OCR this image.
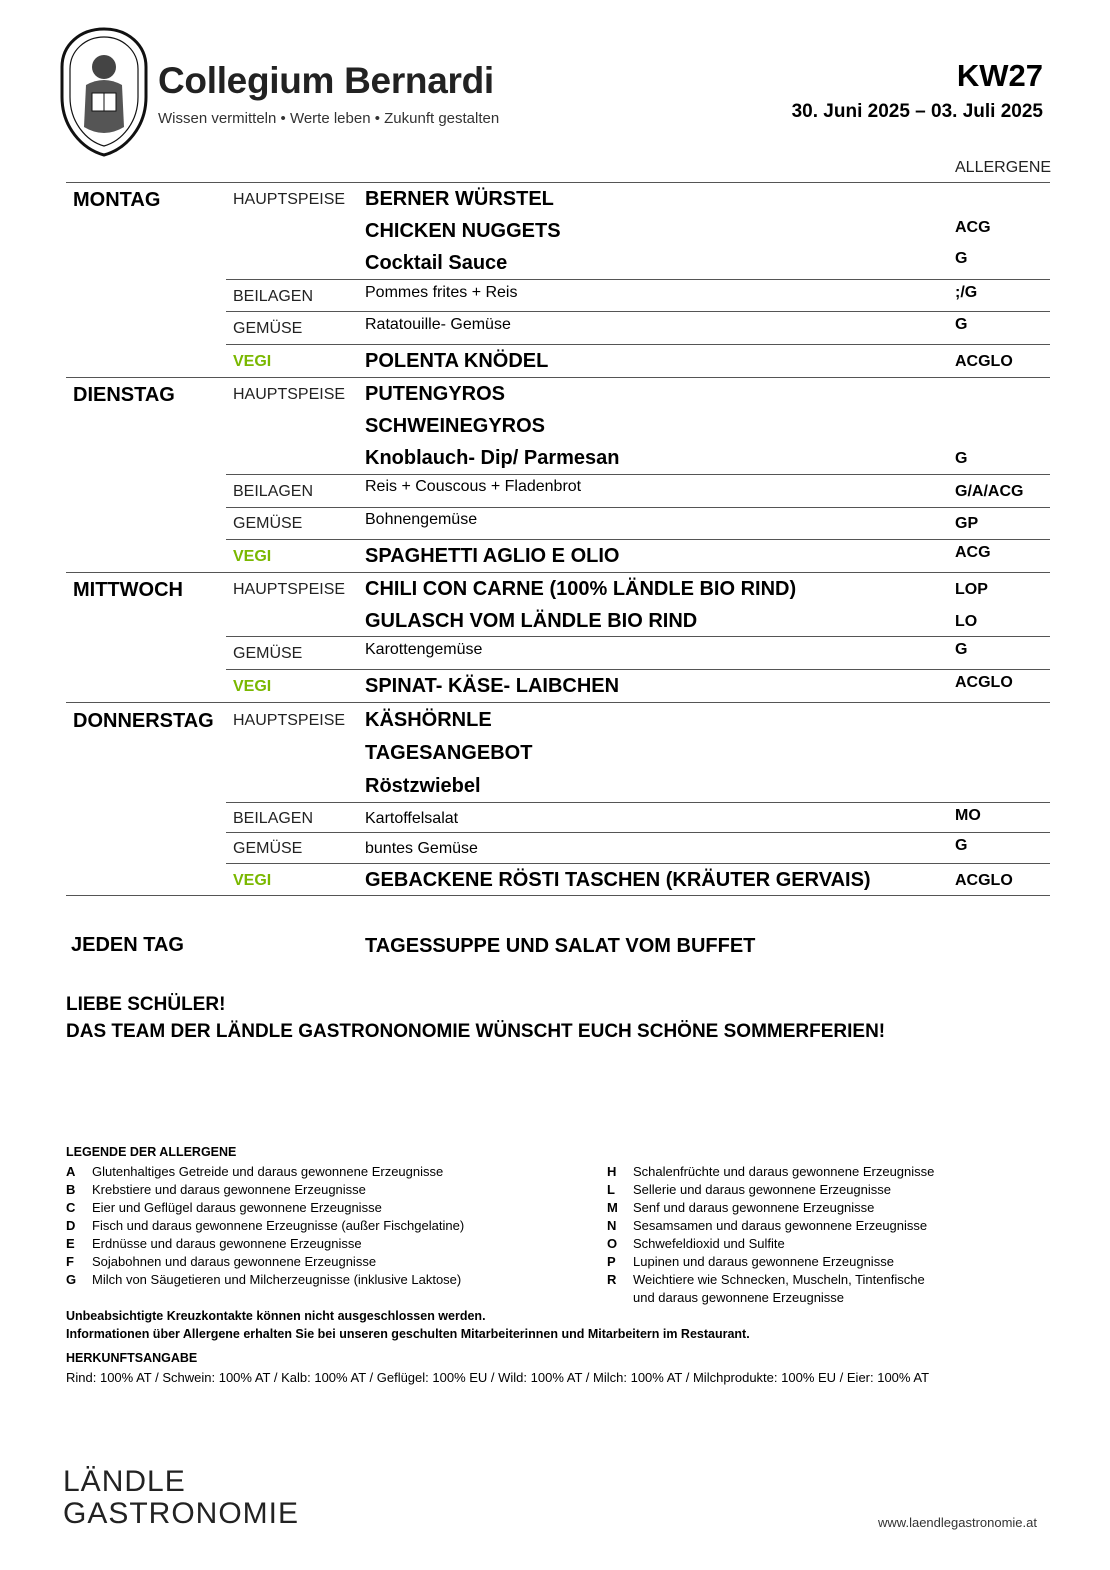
Collegium Bernardi
Wissen vermitteln • Werte leben • Zukunft gestalten
KW27
30. Juni 2025 – 03. Juli 2025
ALLERGENE
MONTAG	HAUPTSPEISE BERNER WÜRSTEL
CHICKEN NUGGETS	ACG
Cocktail Sauce	G
BEILAGEN	Pommes frites + Reis	;/G
GEMÜSE	Ratatouille- Gemüse	G
VEGI	POLENTA KNÖDEL	ACGLO
DIENSTAG	HAUPTSPEISE PUTENGYROS
SCHWEINEGYROS
Knoblauch- Dip/ Parmesan	G
BEILAGEN	Reis + Couscous + Fladenbrot	G/A/ACG
GEMÜSE	Bohnengemüse	GP
VEGI	SPAGHETTI AGLIO E OLIO	ACG
MITTWOCH	HAUPTSPEISE CHILI CON CARNE (100% LÄNDLE BIO RIND)	LOP
GULASCH VOM LÄNDLE BIO RIND	LO
GEMÜSE	Karottengemüse	G
VEGI	SPINAT- KÄSE- LAIBCHEN	ACGLO
DONNERSTAG HAUPTSPEISE KÄSHÖRNLE
TAGESANGEBOT
Röstzwiebel
BEILAGEN	Kartoffelsalat	MO
GEMÜSE	buntes Gemüse	G
VEGI	GEBACKENE RÖSTI TASCHEN (KRÄUTER GERVAIS)	ACGLO
JEDEN TAG	TAGESSUPPE UND SALAT VOM BUFFET
LIEBE SCHÜLER!
DAS TEAM DER LÄNDLE GASTRONONOMIE WÜNSCHT EUCH SCHÖNE SOMMERFERIEN!
LEGENDE DER ALLERGENE
A Glutenhaltiges Getreide und daraus gewonnene Erzeugnisse
B Krebstiere und daraus gewonnene Erzeugnisse
C Eier und Geflügel daraus gewonnene Erzeugnisse
D Fisch und daraus gewonnene Erzeugnisse (außer Fischgelatine)
E Erdnüsse und daraus gewonnene Erzeugnisse
F Sojabohnen und daraus gewonnene Erzeugnisse
G Milch von Säugetieren und Milcherzeugnisse (inklusive Laktose)
H Schalenfrüchte und daraus gewonnene Erzeugnisse
L Sellerie und daraus gewonnene Erzeugnisse
M Senf und daraus gewonnene Erzeugnisse
N Sesamsamen und daraus gewonnene Erzeugnisse
O Schwefeldioxid und Sulfite
P Lupinen und daraus gewonnene Erzeugnisse
R Weichtiere wie Schnecken, Muscheln, Tintenfische
und daraus gewonnene Erzeugnisse
Unbeabsichtigte Kreuzkontakte können nicht ausgeschlossen werden.
Informationen über Allergene erhalten Sie bei unseren geschulten Mitarbeiterinnen und Mitarbeitern im Restaurant.
HERKUNFTSANGABE
Rind: 100% AT / Schwein: 100% AT / Kalb: 100% AT / Geflügel: 100% EU / Wild: 100% AT / Milch: 100% AT / Milchprodukte: 100% EU / Eier: 100% AT
LÄNDLE
GASTRONOMIE	www.laendlegastronomie.at
